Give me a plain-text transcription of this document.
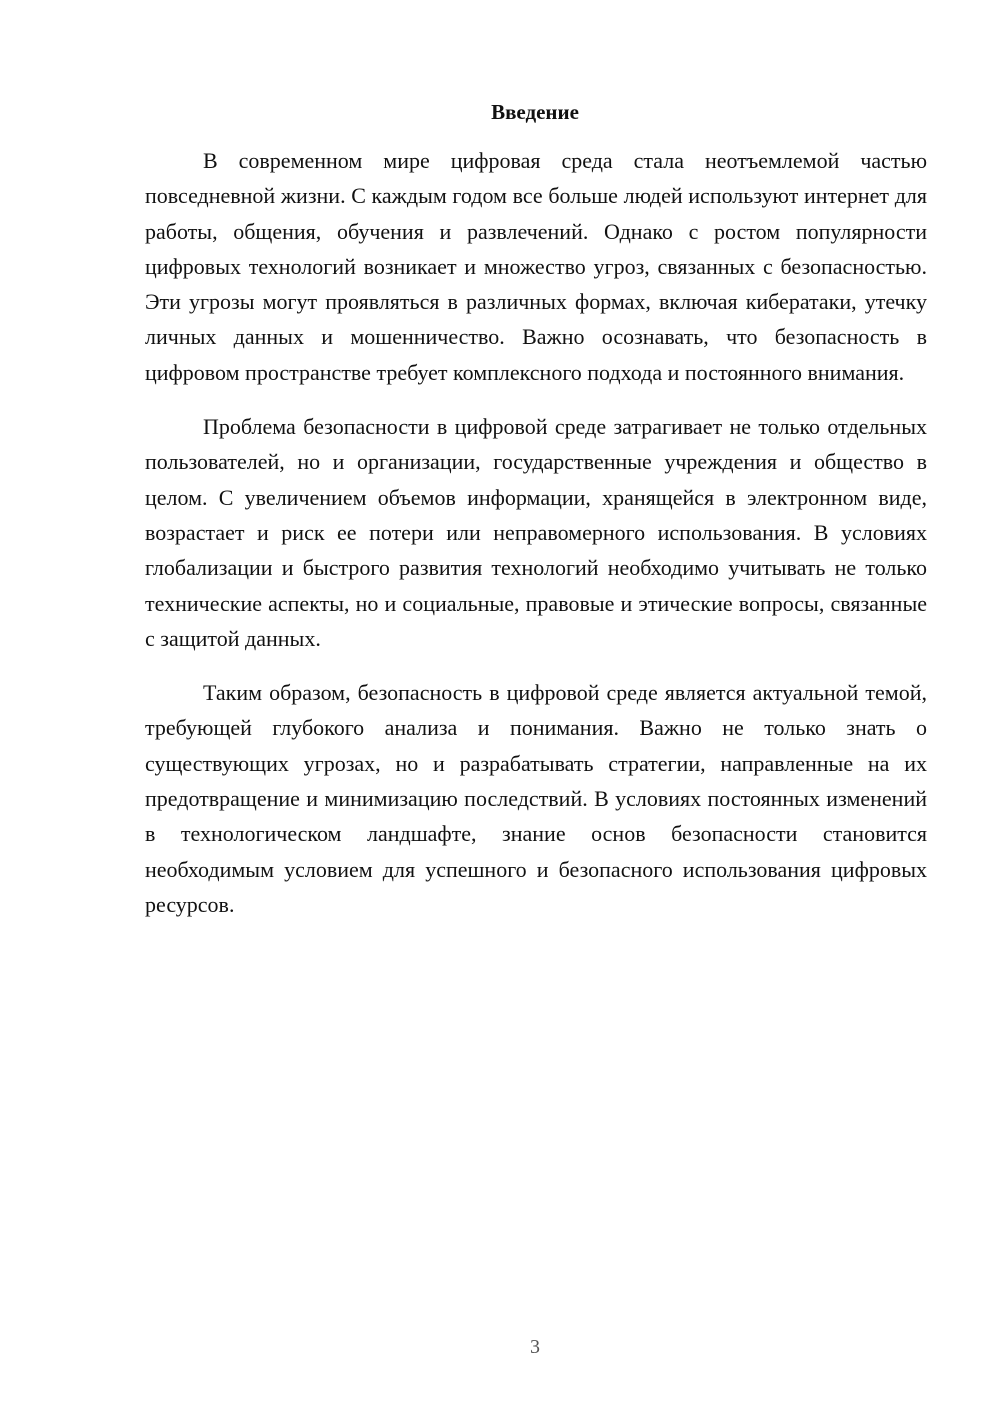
Введение

В современном мире цифровая среда стала неотъемлемой частью повседневной жизни. С каждым годом все больше людей используют интернет для работы, общения, обучения и развлечений. Однако с ростом популярности цифровых технологий возникает и множество угроз, связанных с безопасностью. Эти угрозы могут проявляться в различных формах, включая кибератаки, утечку личных данных и мошенничество. Важно осознавать, что безопасность в цифровом пространстве требует комплексного подхода и постоянного внимания.

Проблема безопасности в цифровой среде затрагивает не только отдельных пользователей, но и организации, государственные учреждения и общество в целом. С увеличением объемов информации, хранящейся в электронном виде, возрастает и риск ее потери или неправомерного использования. В условиях глобализации и быстрого развития технологий необходимо учитывать не только технические аспекты, но и социальные, правовые и этические вопросы, связанные с защитой данных.

Таким образом, безопасность в цифровой среде является актуальной темой, требующей глубокого анализа и понимания. Важно не только знать о существующих угрозах, но и разрабатывать стратегии, направленные на их предотвращение и минимизацию последствий. В условиях постоянных изменений в технологическом ландшафте, знание основ безопасности становится необходимым условием для успешного и безопасного использования цифровых ресурсов.

3
